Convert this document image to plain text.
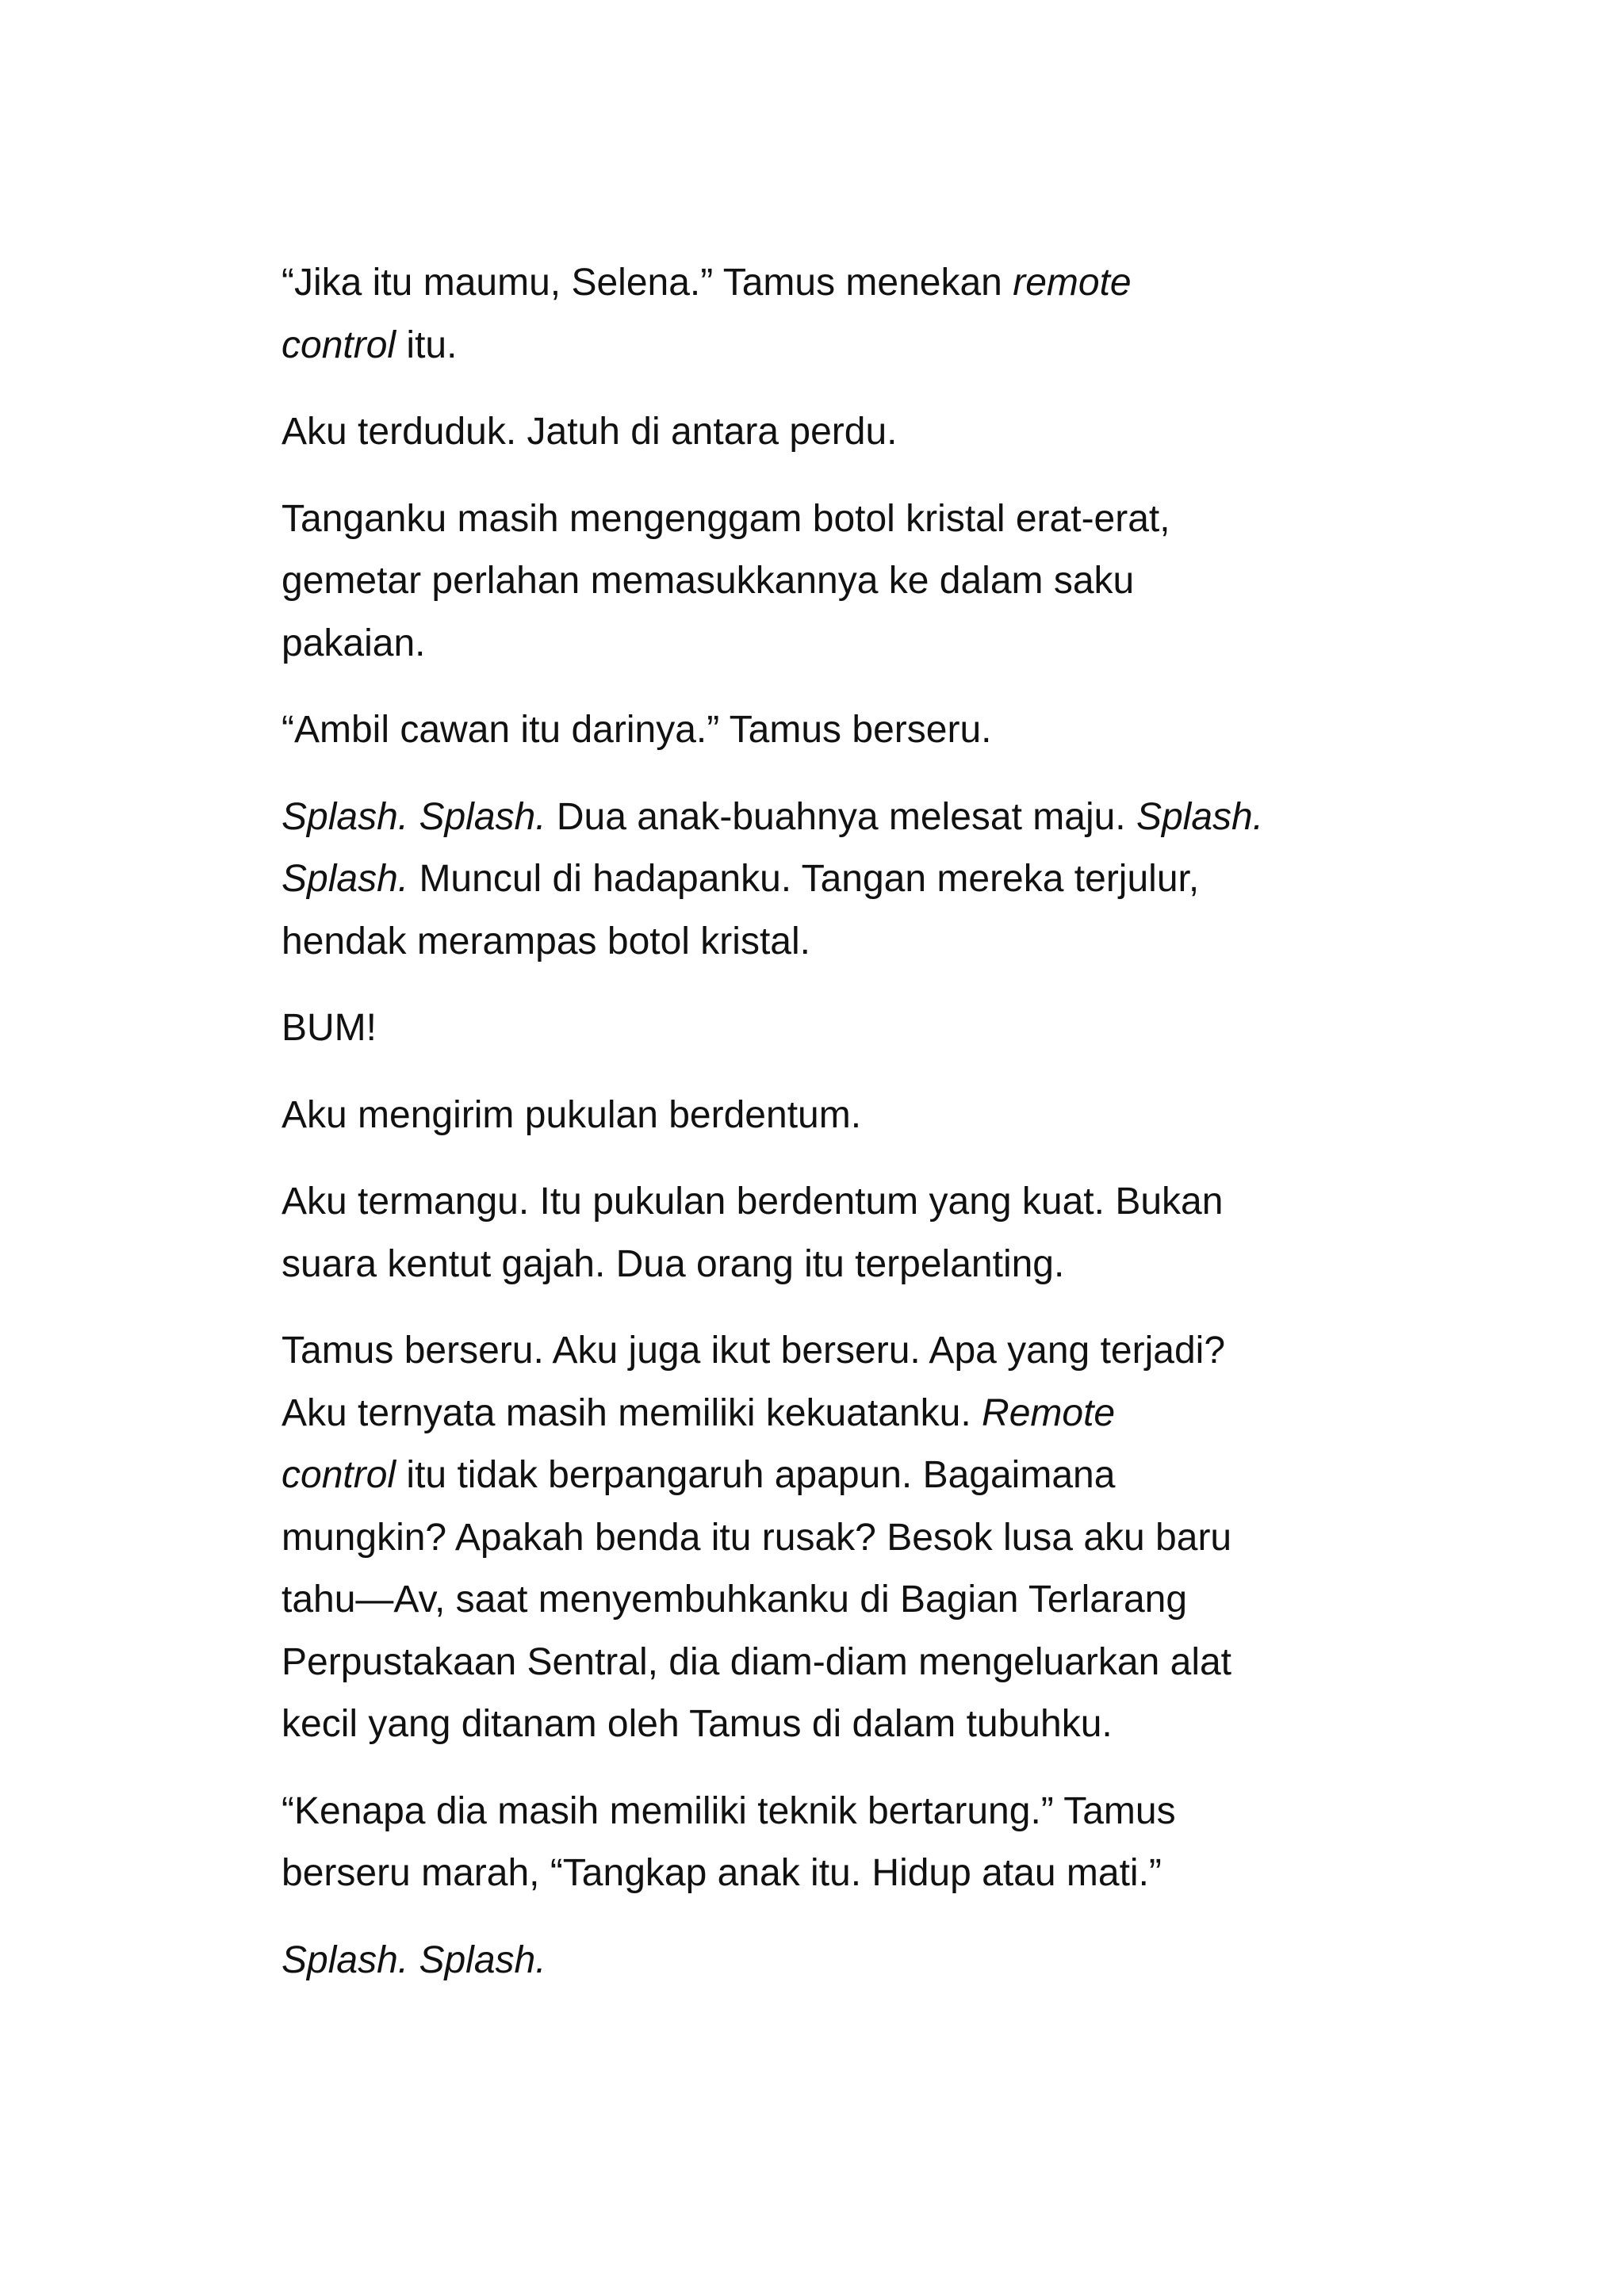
“Jika itu maumu, Selena.” Tamus menekan remote
control itu.

Aku terduduk. Jatuh di antara perdu.

Tanganku masih mengenggam botol kristal erat-erat,
gemetar perlahan memasukkannya ke dalam saku
pakaian.

“Ambil cawan itu darinya.” Tamus berseru.

Splash. Splash. Dua anak-buahnya melesat maju. Splash.
Splash. Muncul di hadapanku. Tangan mereka terjulur,
hendak merampas botol kristal.

BUM!

Aku mengirim pukulan berdentum.

Aku termangu. Itu pukulan berdentum yang kuat. Bukan
suara kentut gajah. Dua orang itu terpelanting.

Tamus berseru. Aku juga ikut berseru. Apa yang terjadi?
Aku ternyata masih memiliki kekuatanku. Remote
control itu tidak berpangaruh apapun. Bagaimana
mungkin? Apakah benda itu rusak? Besok lusa aku baru
tahu—Av, saat menyembuhkanku di Bagian Terlarang
Perpustakaan Sentral, dia diam-diam mengeluarkan alat
kecil yang ditanam oleh Tamus di dalam tubuhku.

“Kenapa dia masih memiliki teknik bertarung.” Tamus
berseru marah, “Tangkap anak itu. Hidup atau mati.”

Splash. Splash.
